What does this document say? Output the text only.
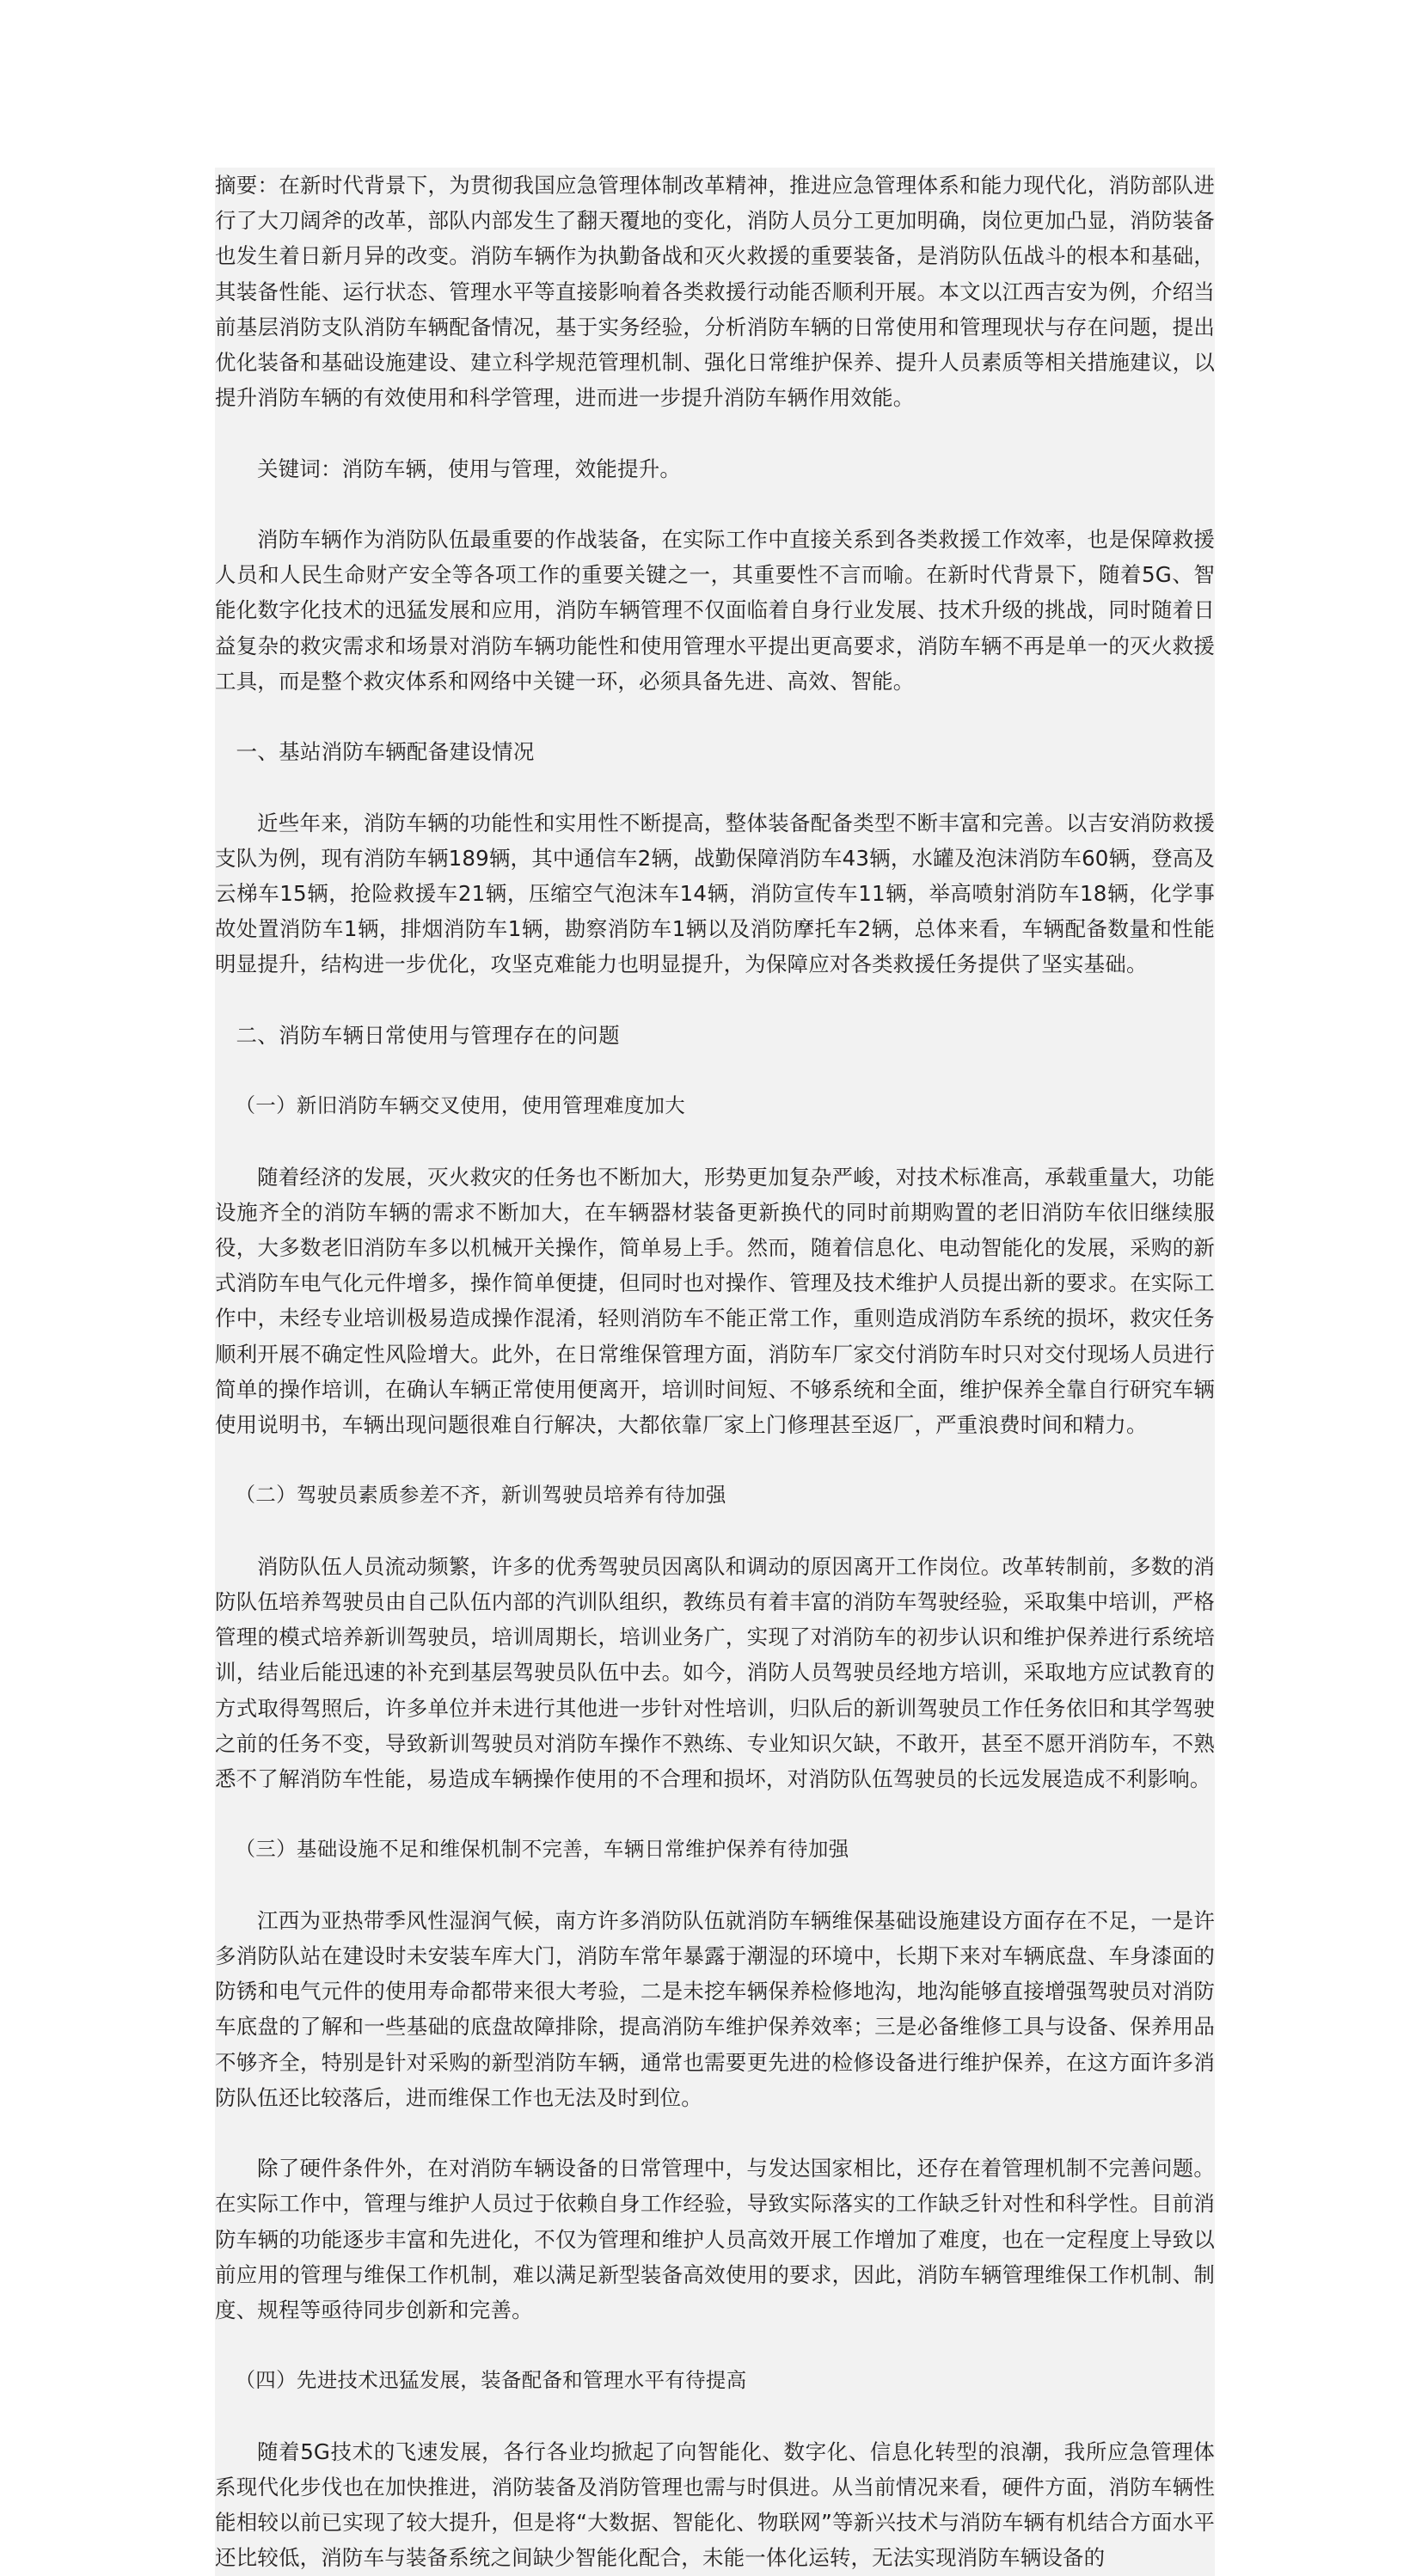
摘要：在新时代背景下，为贯彻我国应急管理体制改革精神，推进应急管理体系和能力现代化，消防部队进行了大刀阔斧的改革，部队内部发生了翻天覆地的变化，消防人员分工更加明确，岗位更加凸显，消防装备也发生着日新月异的改变。消防车辆作为执勤备战和灭火救援的重要装备，是消防队伍战斗的根本和基础，其装备性能、运行状态、管理水平等直接影响着各类救援行动能否顺利开展。本文以江西吉安为例，介绍当前基层消防支队消防车辆配备情况，基于实务经验，分析消防车辆的日常使用和管理现状与存在问题，提出优化装备和基础设施建设、建立科学规范管理机制、强化日常维护保养、提升人员素质等相关措施建议，以提升消防车辆的有效使用和科学管理，进而进一步提升消防车辆作用效能。

关键词：消防车辆，使用与管理，效能提升。

消防车辆作为消防队伍最重要的作战装备，在实际工作中直接关系到各类救援工作效率，也是保障救援人员和人民生命财产安全等各项工作的重要关键之一，其重要性不言而喻。在新时代背景下，随着5G、智能化数字化技术的迅猛发展和应用，消防车辆管理不仅面临着自身行业发展、技术升级的挑战，同时随着日益复杂的救灾需求和场景对消防车辆功能性和使用管理水平提出更高要求，消防车辆不再是单一的灭火救援工具，而是整个救灾体系和网络中关键一环，必须具备先进、高效、智能。

一、基站消防车辆配备建设情况

近些年来，消防车辆的功能性和实用性不断提高，整体装备配备类型不断丰富和完善。以吉安消防救援支队为例，现有消防车辆189辆，其中通信车2辆，战勤保障消防车43辆，水罐及泡沫消防车60辆，登高及云梯车15辆，抢险救援车21辆，压缩空气泡沫车14辆，消防宣传车11辆，举高喷射消防车18辆，化学事故处置消防车1辆，排烟消防车1辆，勘察消防车1辆以及消防摩托车2辆，总体来看，车辆配备数量和性能明显提升，结构进一步优化，攻坚克难能力也明显提升，为保障应对各类救援任务提供了坚实基础。

二、消防车辆日常使用与管理存在的问题

（一）新旧消防车辆交叉使用，使用管理难度加大

随着经济的发展，灭火救灾的任务也不断加大，形势更加复杂严峻，对技术标准高，承载重量大，功能设施齐全的消防车辆的需求不断加大，在车辆器材装备更新换代的同时前期购置的老旧消防车依旧继续服役，大多数老旧消防车多以机械开关操作，简单易上手。然而，随着信息化、电动智能化的发展，采购的新式消防车电气化元件增多，操作简单便捷，但同时也对操作、管理及技术维护人员提出新的要求。在实际工作中，未经专业培训极易造成操作混淆，轻则消防车不能正常工作，重则造成消防车系统的损坏，救灾任务顺利开展不确定性风险增大。此外，在日常维保管理方面，消防车厂家交付消防车时只对交付现场人员进行简单的操作培训，在确认车辆正常使用便离开，培训时间短、不够系统和全面，维护保养全靠自行研究车辆使用说明书，车辆出现问题很难自行解决，大都依靠厂家上门修理甚至返厂，严重浪费时间和精力。

（二）驾驶员素质参差不齐，新训驾驶员培养有待加强

消防队伍人员流动频繁，许多的优秀驾驶员因离队和调动的原因离开工作岗位。改革转制前，多数的消防队伍培养驾驶员由自己队伍内部的汽训队组织，教练员有着丰富的消防车驾驶经验，采取集中培训，严格管理的模式培养新训驾驶员，培训周期长，培训业务广，实现了对消防车的初步认识和维护保养进行系统培训，结业后能迅速的补充到基层驾驶员队伍中去。如今，消防人员驾驶员经地方培训，采取地方应试教育的方式取得驾照后，许多单位并未进行其他进一步针对性培训，归队后的新训驾驶员工作任务依旧和其学驾驶之前的任务不变，导致新训驾驶员对消防车操作不熟练、专业知识欠缺，不敢开，甚至不愿开消防车，不熟悉不了解消防车性能，易造成车辆操作使用的不合理和损坏，对消防队伍驾驶员的长远发展造成不利影响。

（三）基础设施不足和维保机制不完善，车辆日常维护保养有待加强

江西为亚热带季风性湿润气候，南方许多消防队伍就消防车辆维保基础设施建设方面存在不足，一是许多消防队站在建设时未安装车库大门，消防车常年暴露于潮湿的环境中，长期下来对车辆底盘、车身漆面的防锈和电气元件的使用寿命都带来很大考验，二是未挖车辆保养检修地沟，地沟能够直接增强驾驶员对消防车底盘的了解和一些基础的底盘故障排除，提高消防车维护保养效率；三是必备维修工具与设备、保养用品不够齐全，特别是针对采购的新型消防车辆，通常也需要更先进的检修设备进行维护保养，在这方面许多消防队伍还比较落后，进而维保工作也无法及时到位。

除了硬件条件外，在对消防车辆设备的日常管理中，与发达国家相比，还存在着管理机制不完善问题。在实际工作中，管理与维护人员过于依赖自身工作经验，导致实际落实的工作缺乏针对性和科学性。目前消防车辆的功能逐步丰富和先进化，不仅为管理和维护人员高效开展工作增加了难度，也在一定程度上导致以前应用的管理与维保工作机制，难以满足新型装备高效使用的要求，因此，消防车辆管理维保工作机制、制度、规程等亟待同步创新和完善。

（四）先进技术迅猛发展，装备配备和管理水平有待提高

随着5G技术的飞速发展，各行各业均掀起了向智能化、数字化、信息化转型的浪潮，我所应急管理体系现代化步伐也在加快推进，消防装备及消防管理也需与时俱进。从当前情况来看，硬件方面，消防车辆性能相较以前已实现了较大提升，但是将“大数据、智能化、物联网”等新兴技术与消防车辆有机结合方面水平还比较低，消防车与装备系统之间缺少智能化配合，未能一体化运转，无法实现消防车辆设备的
